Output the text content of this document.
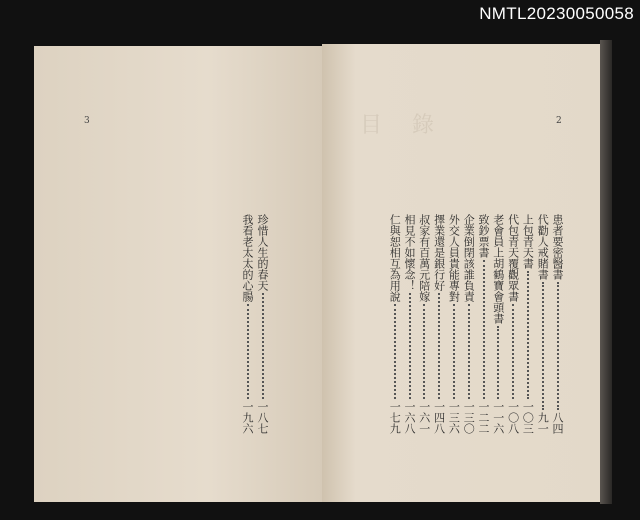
NMTL20230050058
3	2
目錄
患者要密醫書
八四
代勸人戒賭書
九一
上包青天書
一〇三
代包青天覆觀眾書
一〇八
老會員上胡鶴寶會頭書
一一六
致鈔票書
一二二
企業倒閉該誰負責
一三〇
外交人員貴能專對
一三六
擇業還是銀行好
一四八
叔家有百萬元陪嫁
一六一
相見不如懷念！
一六八
仁與恕相互為用說
一七九
珍惜人生的春天
一八七
我看老太太的心腸
一九六
